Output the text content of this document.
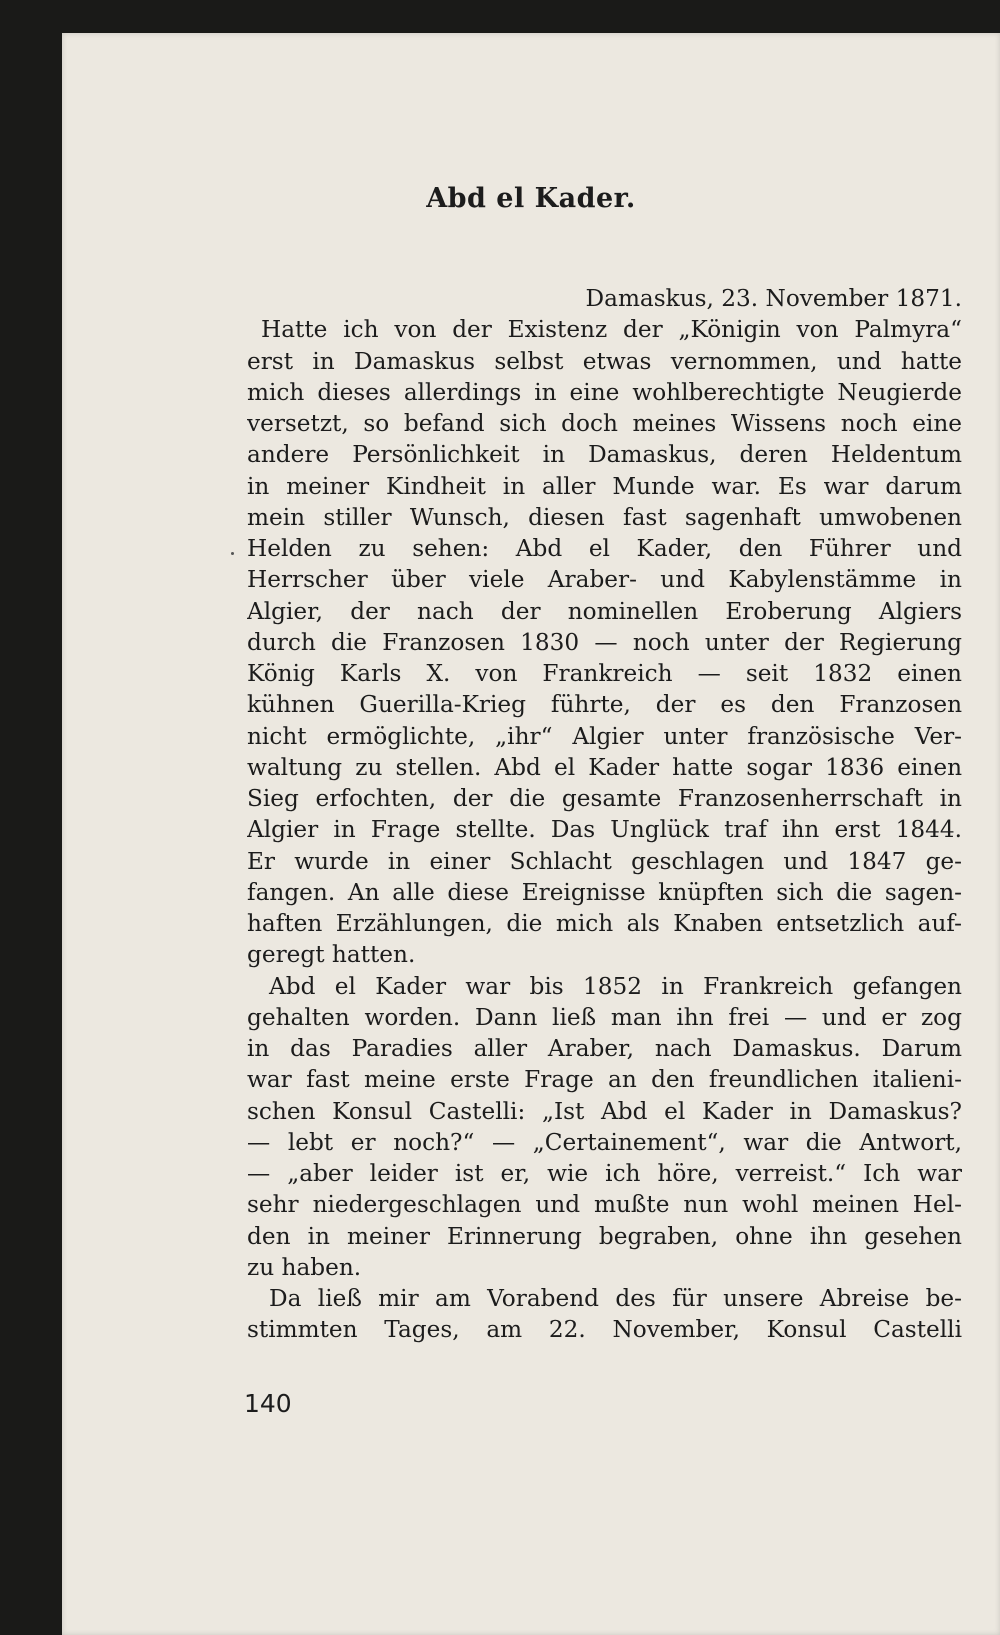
Abd el Kader.
Damaskus, 23. November 1871.
Hatte ich von der Existenz der „Königin von Palmyra“
erst in Damaskus selbst etwas vernommen, und hatte
mich dieses allerdings in eine wohlberechtigte Neugierde
versetzt, so befand sich doch meines Wissens noch eine
andere Persönlichkeit in Damaskus, deren Heldentum
in meiner Kindheit in aller Munde war. Es war darum
mein stiller Wunsch, diesen fast sagenhaft umwobenen
Helden zu sehen: Abd el Kader, den Führer und
Herrscher über viele Araber- und Kabylenstämme in
Algier, der nach der nominellen Eroberung Algiers
durch die Franzosen 1830 — noch unter der Regierung
König Karls X. von Frankreich — seit 1832 einen
kühnen Guerilla-Krieg führte, der es den Franzosen
nicht ermöglichte, „ihr“ Algier unter französische Ver-
waltung zu stellen. Abd el Kader hatte sogar 1836 einen
Sieg erfochten, der die gesamte Franzosenherrschaft in
Algier in Frage stellte. Das Unglück traf ihn erst 1844.
Er wurde in einer Schlacht geschlagen und 1847 ge-
fangen. An alle diese Ereignisse knüpften sich die sagen-
haften Erzählungen, die mich als Knaben entsetzlich auf-
geregt hatten.
Abd el Kader war bis 1852 in Frankreich gefangen
gehalten worden. Dann ließ man ihn frei — und er zog
in das Paradies aller Araber, nach Damaskus. Darum
war fast meine erste Frage an den freundlichen italieni-
schen Konsul Castelli: „Ist Abd el Kader in Damaskus?
— lebt er noch?“ — „Certainement“, war die Antwort,
— „aber leider ist er, wie ich höre, verreist.“ Ich war
sehr niedergeschlagen und mußte nun wohl meinen Hel-
den in meiner Erinnerung begraben, ohne ihn gesehen
zu haben.
Da ließ mir am Vorabend des für unsere Abreise be-
stimmten Tages, am 22. November, Konsul Castelli
140
